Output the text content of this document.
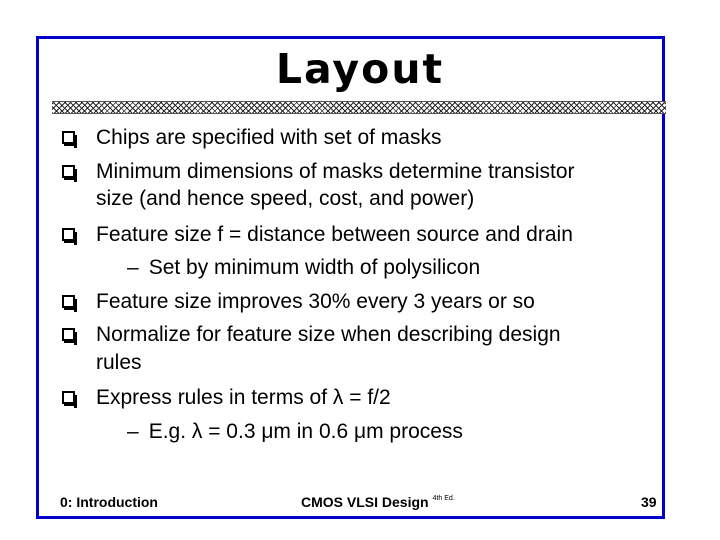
Layout
Chips are specified with set of masks
Minimum dimensions of masks determine transistor
size (and hence speed, cost, and power)
Feature size f = distance between source and drain
– Set by minimum width of polysilicon
Feature size improves 30% every 3 years or so
Normalize for feature size when describing design
rules
Express rules in terms of λ = f/2
– E.g. λ = 0.3 μm in 0.6 μm process
0: Introduction	CMOS VLSI Design $^{4th Ed.}$	39
